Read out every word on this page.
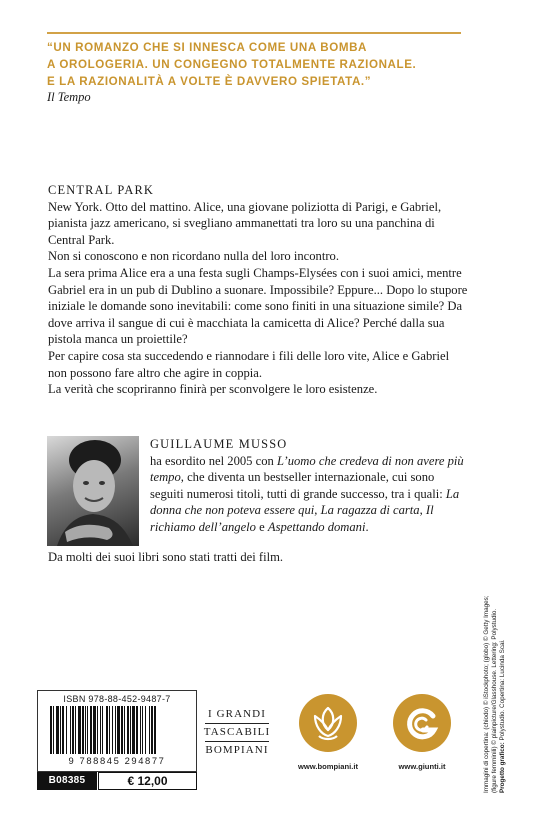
“UN ROMANZO CHE SI INNESCA COME UNA BOMBA
A OROLOGERIA. UN CONGEGNO TOTALMENTE RAZIONALE.
E LA RAZIONALITÀ A VOLTE È DAVVERO SPIETATA.”
Il Tempo
CENTRAL PARK

New York. Otto del mattino. Alice, una giovane poliziotta di Parigi, e Gabriel, pianista jazz americano, si svegliano ammanettati tra loro su una panchina di Central Park.

Non si conoscono e non ricordano nulla del loro incontro.

La sera prima Alice era a una festa sugli Champs-Elysées con i suoi amici, mentre Gabriel era in un pub di Dublino a suonare. Impossibile? Eppure... Dopo lo stupore iniziale le domande sono inevitabili: come sono finiti in una situazione simile? Da dove arriva il sangue di cui è macchiata la camicetta di Alice? Perché dalla sua pistola manca un proiettile?

Per capire cosa sta succedendo e riannodare i fili delle loro vite, Alice e Gabriel non possono fare altro che agire in coppia.

La verità che scopriranno finirà per sconvolgere le loro esistenze.

GUILLAUME MUSSO
ha esordito nel 2005 con L’uomo che credeva di non avere più tempo, che diventa un bestseller internazionale, cui sono seguiti numerosi titoli, tutti di grande successo, tra i quali: La donna che non poteva essere qui, La ragazza di carta, Il richiamo dell’angelo e Aspettando domani.
Da molti dei suoi libri sono stati tratti dei film.
ISBN 978-88-452-9487-7
9 788845 294877
B08385	€ 12,00
I GRANDI
TASCABILI
BOMPIANI
www.bompiani.it	www.giunti.it	Immagini di copertina: (chiodo) © iStockphoto; (globo) © Getty Images; (figure femminili) © plainpicture/Glasshouse. Lettering: Polystudio. Progetto grafico: Polystudio. Copertina: Lucinda Scai.
